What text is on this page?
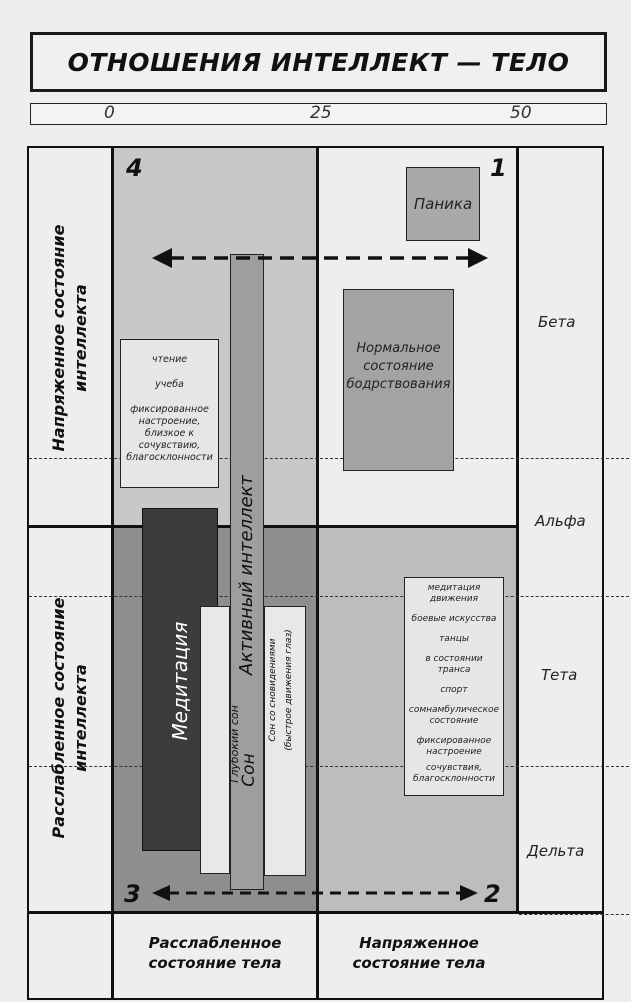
ОТНОШЕНИЯ ИНТЕЛЛЕКТ — ТЕЛО
0	25	50
Напряженное состояние интеллекта
Расслабленное состояние интеллекта
Бета
Альфа
Тета
Дельта
4	1
3	2
Паника
Нормальное состояние бодрствования
чтение
учеба
фиксированное настроение, близкое к сочувствию, благосклонности
Медитация
Активный интеллект
Глубокий сон
Сон
Сон со сновидениями (быстрое движения глаз)
медитация движения
боевые искусства
танцы
в состоянии транса
спорт
сомнамбулическое состояние
фиксированное настроение
сочувствия, благосклонности
Расслабленное состояние тела
Напряженное состояние тела
